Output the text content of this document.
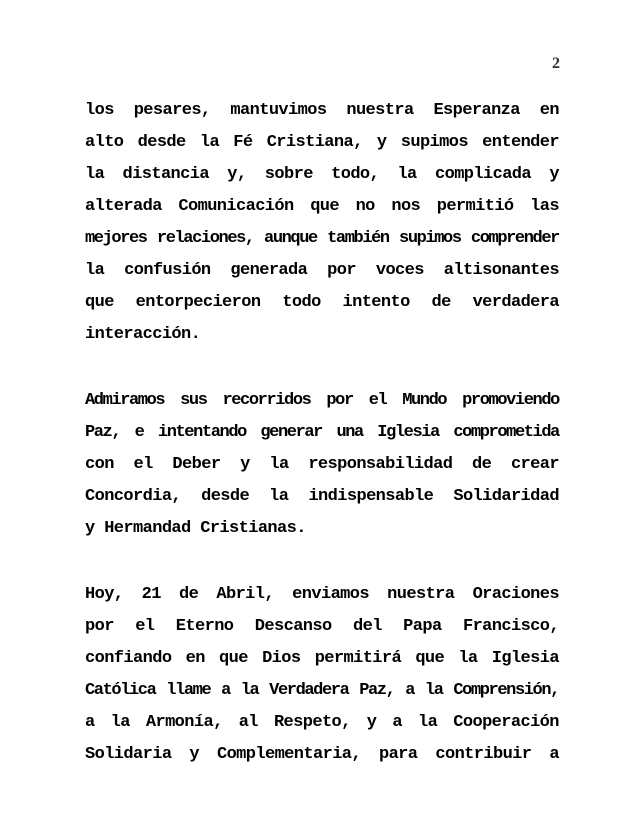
2
los pesares, mantuvimos nuestra Esperanza en
alto desde la Fé Cristiana, y supimos entender
la distancia y, sobre todo, la complicada y
alterada Comunicación que no nos permitió las
mejores relaciones, aunque también supimos comprender
la confusión generada por voces altisonantes
que entorpecieron todo intento de verdadera
interacción.
Admiramos sus recorridos por el Mundo promoviendo
Paz, e intentando generar una Iglesia comprometida
con el Deber y la responsabilidad de crear
Concordia, desde la indispensable Solidaridad
y Hermandad Cristianas.
Hoy, 21 de Abril, enviamos nuestra Oraciones
por el Eterno Descanso del Papa Francisco,
confiando en que Dios permitirá que la Iglesia
Católica llame a la Verdadera Paz, a la Comprensión,
a la Armonía, al Respeto, y a la Cooperación
Solidaria y Complementaria, para contribuir a
